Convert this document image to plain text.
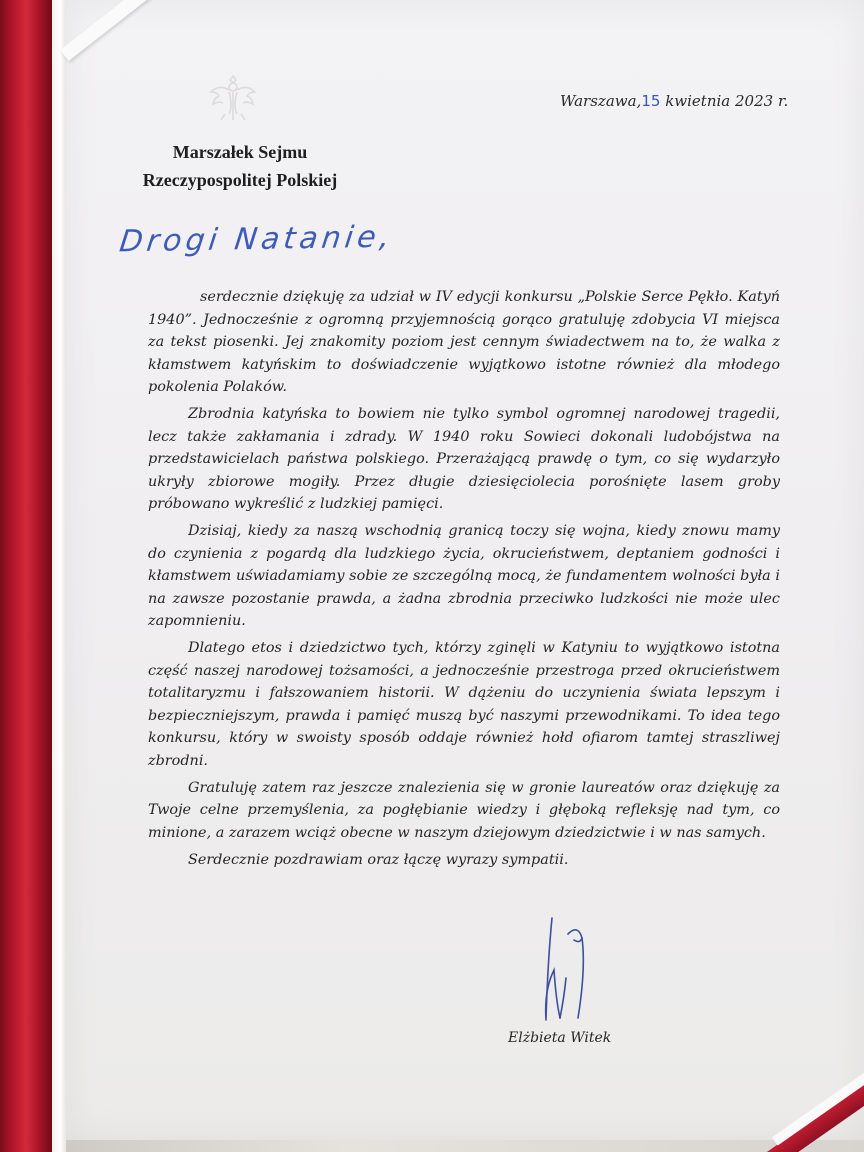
Warszawa,15 kwietnia 2023 r.
Marszałek Sejmu
Rzeczypospolitej Polskiej
Drogi Natanie,

serdecznie dziękuję za udział w IV edycji konkursu „Polskie Serce Pękło. Katyń 1940”. Jednocześnie z ogromną przyjemnością gorąco gratuluję zdobycia VI miejsca za tekst piosenki. Jej znakomity poziom jest cennym świadectwem na to, że walka z kłamstwem katyńskim to doświadczenie wyjątkowo istotne również dla młodego pokolenia Polaków.

Zbrodnia katyńska to bowiem nie tylko symbol ogromnej narodowej tragedii, lecz także zakłamania i zdrady. W 1940 roku Sowieci dokonali ludobójstwa na przedstawicielach państwa polskiego. Przerażającą prawdę o tym, co się wydarzyło ukryły zbiorowe mogiły. Przez długie dziesięciolecia porośnięte lasem groby próbowano wykreślić z ludzkiej pamięci.

Dzisiaj, kiedy za naszą wschodnią granicą toczy się wojna, kiedy znowu mamy do czynienia z pogardą dla ludzkiego życia, okrucieństwem, deptaniem godności i kłamstwem uświadamiamy sobie ze szczególną mocą, że fundamentem wolności była i na zawsze pozostanie prawda, a żadna zbrodnia przeciwko ludzkości nie może ulec zapomnieniu.

Dlatego etos i dziedzictwo tych, którzy zginęli w Katyniu to wyjątkowo istotna część naszej narodowej tożsamości, a jednocześnie przestroga przed okrucieństwem totalitaryzmu i fałszowaniem historii. W dążeniu do uczynienia świata lepszym i bezpieczniejszym, prawda i pamięć muszą być naszymi przewodnikami. To idea tego konkursu, który w swoisty sposób oddaje również hołd ofiarom tamtej straszliwej zbrodni.

Gratuluję zatem raz jeszcze znalezienia się w gronie laureatów oraz dziękuję za Twoje celne przemyślenia, za pogłębianie wiedzy i głęboką refleksję nad tym, co minione, a zarazem wciąż obecne w naszym dziejowym dziedzictwie i w nas samych.

Serdecznie pozdrawiam oraz łączę wyrazy sympatii.

Elżbieta Witek
